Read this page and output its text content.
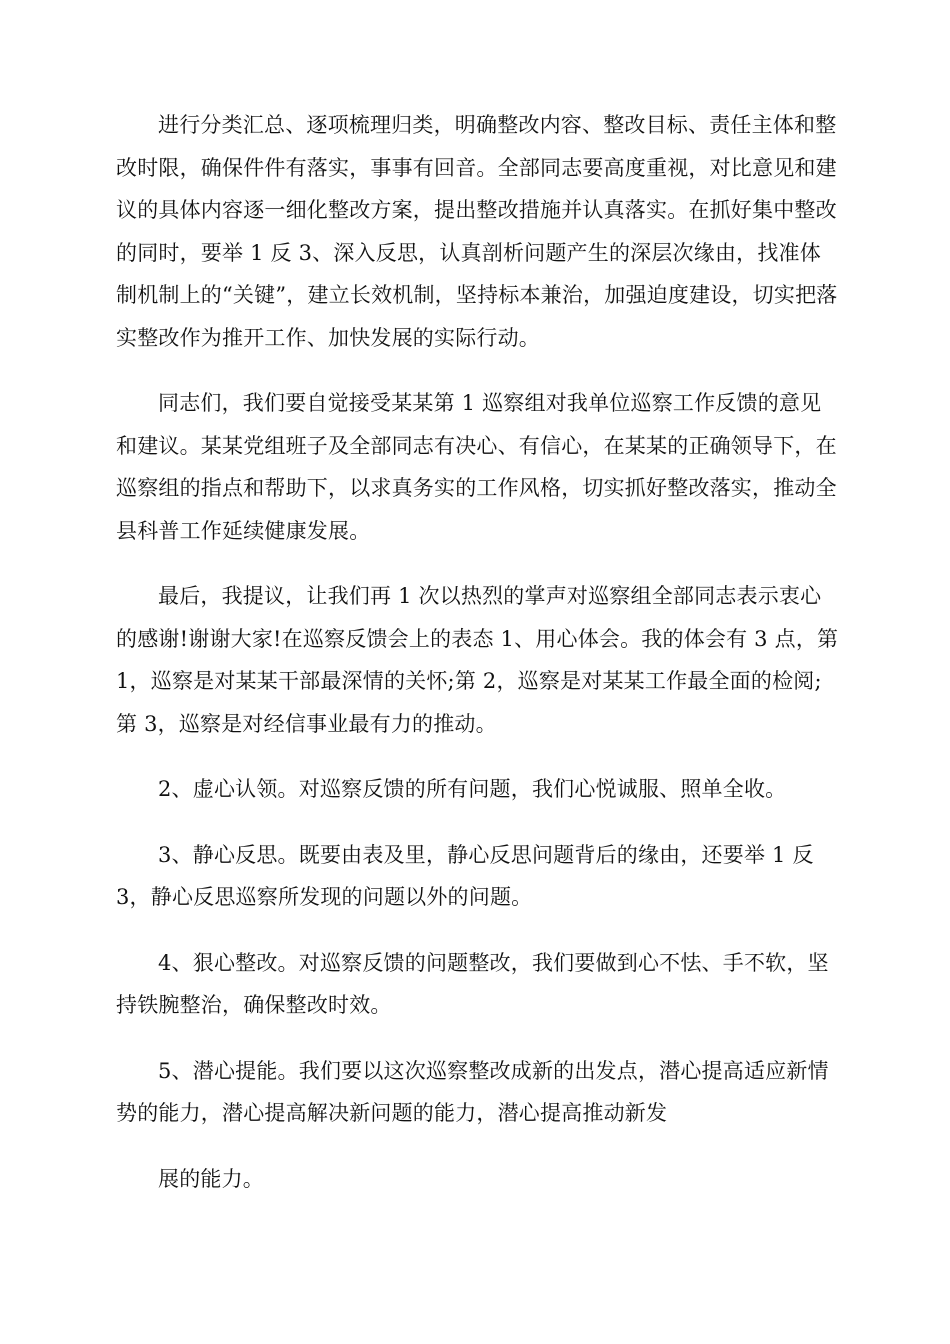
进行分类汇总、逐项梳理归类，明确整改内容、整改目标、责任主体和整改时限，确保件件有落实，事事有回音。全部同志要高度重视，对比意见和建议的具体内容逐一细化整改方案，提出整改措施并认真落实。在抓好集中整改的同时，要举 1 反 3、深入反思，认真剖析问题产生的深层次缘由，找准体制机制上的“关键”，建立长效机制，坚持标本兼治，加强迫度建设，切实把落实整改作为推开工作、加快发展的实际行动。

同志们，我们要自觉接受某某第 1 巡察组对我单位巡察工作反馈的意见和建议。某某党组班子及全部同志有决心、有信心，在某某的正确领导下，在巡察组的指点和帮助下，以求真务实的工作风格，切实抓好整改落实，推动全县科普工作延续健康发展。

最后，我提议，让我们再 1 次以热烈的掌声对巡察组全部同志表示衷心的感谢!谢谢大家!在巡察反馈会上的表态 1、用心体会。我的体会有 3 点，第 1，巡察是对某某干部最深情的关怀;第 2，巡察是对某某工作最全面的检阅;第 3，巡察是对经信事业最有力的推动。

2、虚心认领。对巡察反馈的所有问题，我们心悦诚服、照单全收。

3、静心反思。既要由表及里，静心反思问题背后的缘由，还要举 1 反 3，静心反思巡察所发现的问题以外的问题。

4、狠心整改。对巡察反馈的问题整改，我们要做到心不怯、手不软，坚持铁腕整治，确保整改时效。

5、潜心提能。我们要以这次巡察整改成新的出发点，潜心提高适应新情势的能力，潜心提高解决新问题的能力，潜心提高推动新发

展的能力。
